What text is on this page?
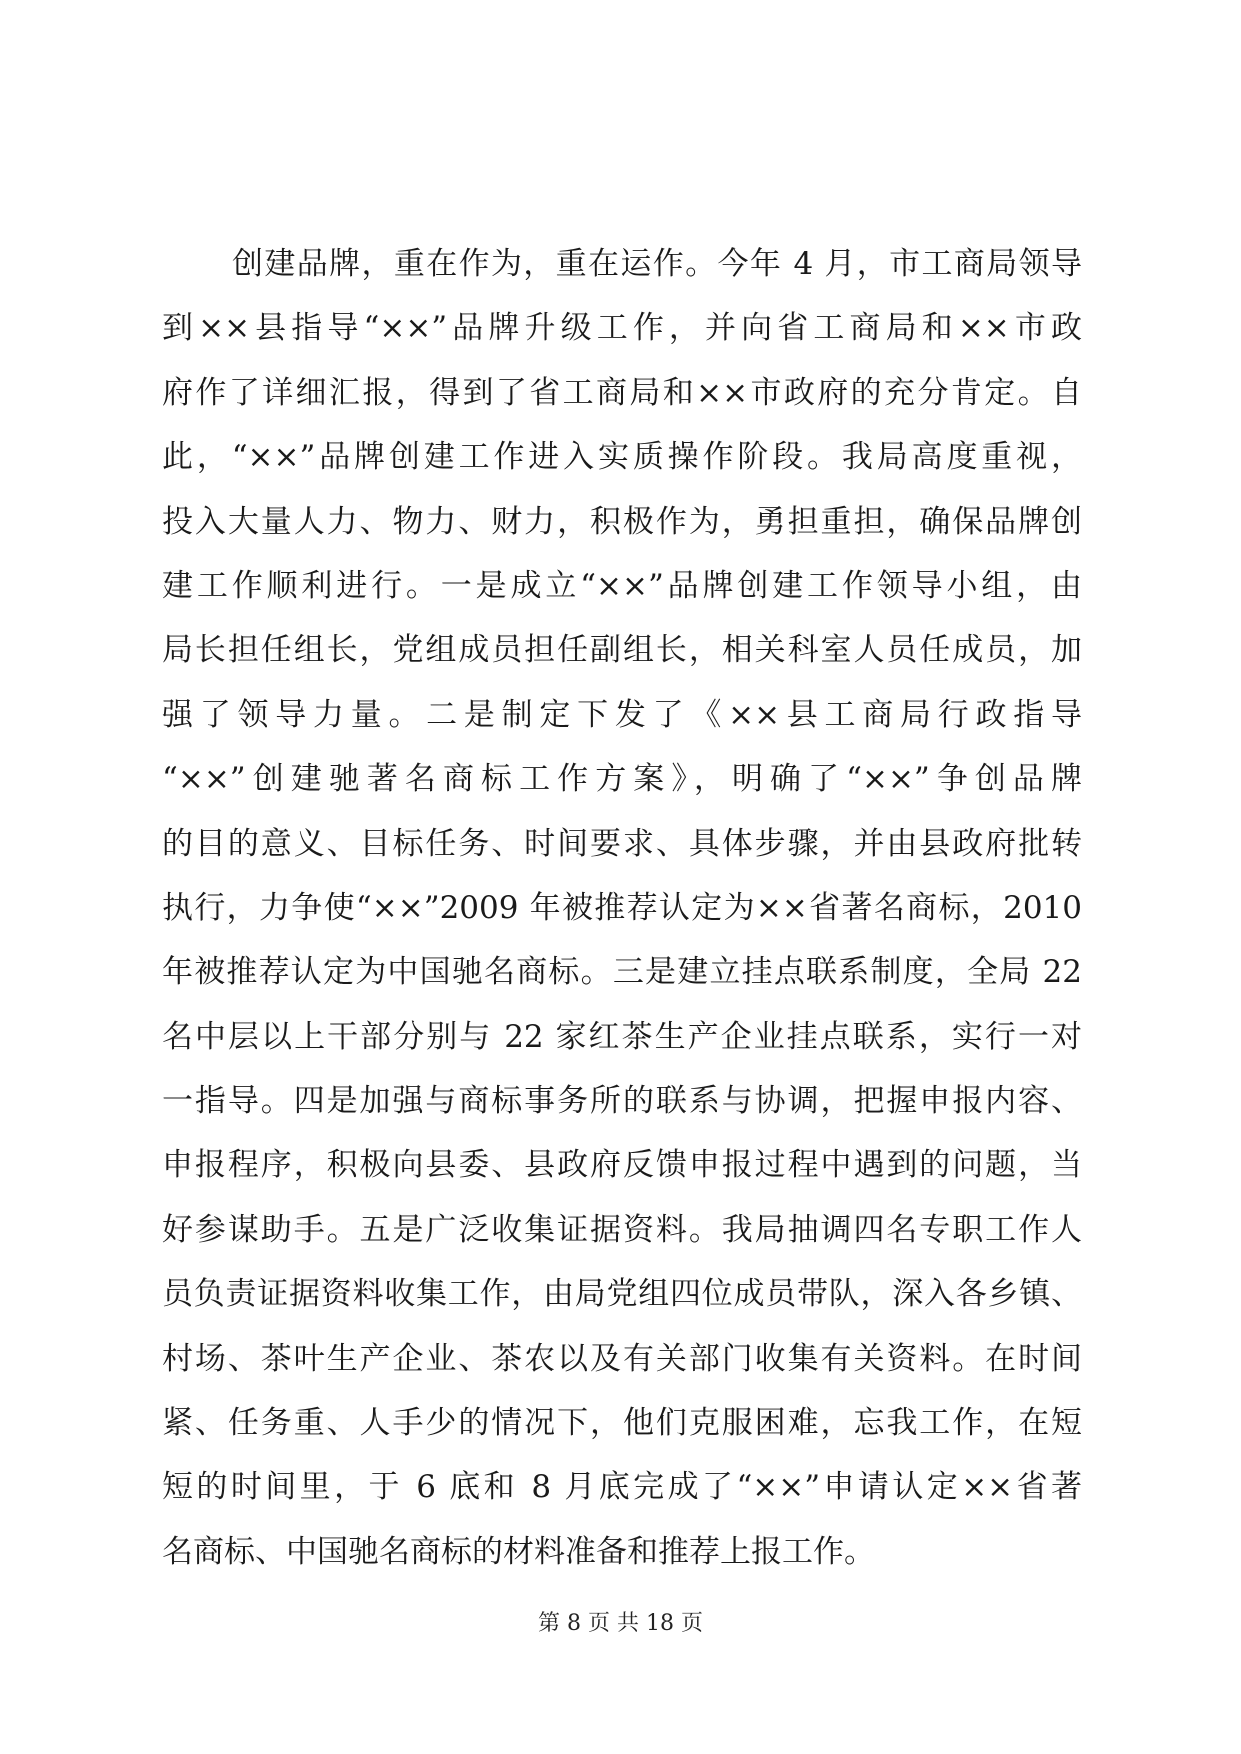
创建品牌，重在作为，重在运作。今年 4 月，市工商局领导
到××县指导“××”品牌升级工作，并向省工商局和××市政
府作了详细汇报，得到了省工商局和××市政府的充分肯定。自
此，“××”品牌创建工作进入实质操作阶段。我局高度重视，
投入大量人力、物力、财力，积极作为，勇担重担，确保品牌创
建工作顺利进行。一是成立“××”品牌创建工作领导小组，由
局长担任组长，党组成员担任副组长，相关科室人员任成员，加
强了领导力量。二是制定下发了《××县工商局行政指导
“××”创建驰著名商标工作方案》，明确了“××”争创品牌
的目的意义、目标任务、时间要求、具体步骤，并由县政府批转
执行，力争使“××”2009 年被推荐认定为××省著名商标，2010
年被推荐认定为中国驰名商标。三是建立挂点联系制度，全局 22
名中层以上干部分别与 22 家红茶生产企业挂点联系，实行一对
一指导。四是加强与商标事务所的联系与协调，把握申报内容、
申报程序，积极向县委、县政府反馈申报过程中遇到的问题，当
好参谋助手。五是广泛收集证据资料。我局抽调四名专职工作人
员负责证据资料收集工作，由局党组四位成员带队，深入各乡镇、
村场、茶叶生产企业、茶农以及有关部门收集有关资料。在时间
紧、任务重、人手少的情况下，他们克服困难，忘我工作，在短
短的时间里，于 6 底和 8 月底完成了“××”申请认定××省著
名商标、中国驰名商标的材料准备和推荐上报工作。
第 8 页 共 18 页
